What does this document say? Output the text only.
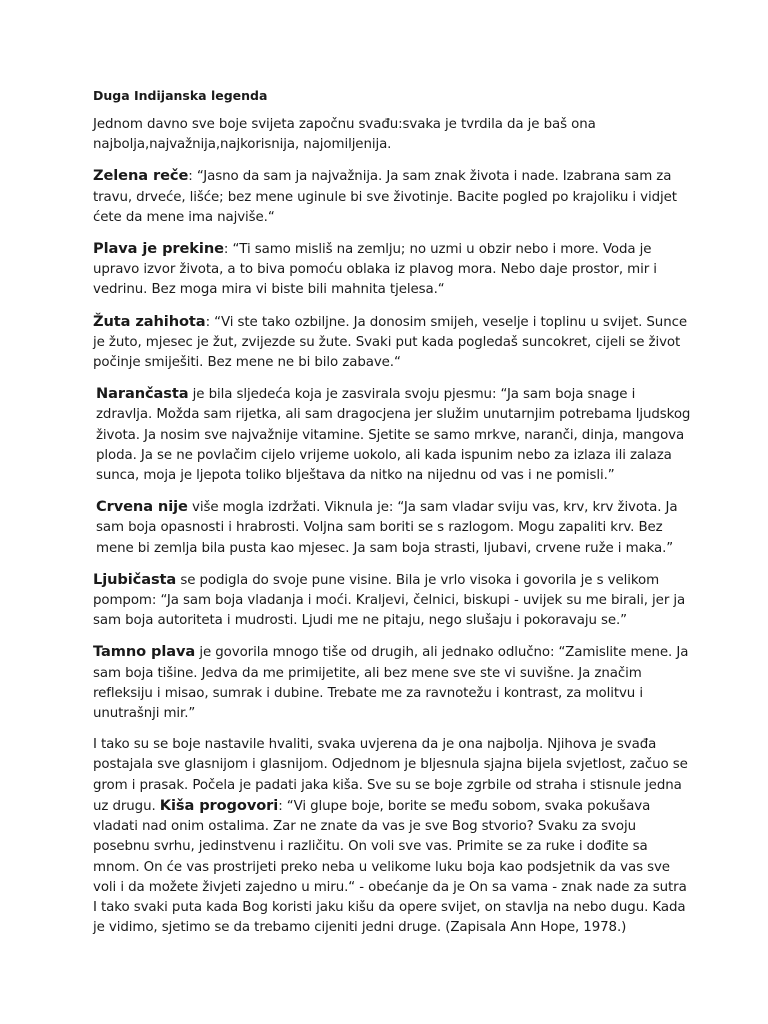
Duga Indijanska legenda

Jednom davno sve boje svijeta započnu svađu:svaka je tvrdila da je baš ona najbolja,najvažnija,najkorisnija, najomiljenija.

Zelena reče: “Jasno da sam ja najvažnija. Ja sam znak života i nade. Izabrana sam za travu, drveće, lišće; bez mene uginule bi sve životinje. Bacite pogled po krajoliku i vidjet ćete da mene ima najviše.“

Plava je prekine: “Ti samo misliš na zemlju; no uzmi u obzir nebo i more. Voda je upravo izvor života, a to biva pomoću oblaka iz plavog mora. Nebo daje prostor, mir i vedrinu. Bez moga mira vi biste bili mahnita tjelesa.“

Žuta zahihota: “Vi ste tako ozbiljne. Ja donosim smijeh, veselje i toplinu u svijet. Sunce je žuto, mjesec je žut, zvijezde su žute. Svaki put kada pogledaš suncokret, cijeli se život počinje smiješiti. Bez mene ne bi bilo zabave.“

Narančasta je bila sljedeća koja je zasvirala svoju pjesmu: “Ja sam boja snage i zdravlja. Možda sam rijetka, ali sam dragocjena jer služim unutarnjim potrebama ljudskog života. Ja nosim sve najvažnije vitamine. Sjetite se samo mrkve, naranči, dinja, mangova ploda. Ja se ne povlačim cijelo vrijeme uokolo, ali kada ispunim nebo za izlaza ili zalaza sunca, moja je ljepota toliko blještava da nitko na nijednu od vas i ne pomisli.”

Crvena nije više mogla izdržati. Viknula je: “Ja sam vladar sviju vas, krv, krv života. Ja sam boja opasnosti i hrabrosti. Voljna sam boriti se s razlogom. Mogu zapaliti krv. Bez mene bi zemlja bila pusta kao mjesec. Ja sam boja strasti, ljubavi, crvene ruže i maka.”

Ljubičasta se podigla do svoje pune visine. Bila je vrlo visoka i govorila je s velikom pompom: “Ja sam boja vladanja i moći. Kraljevi, čelnici, biskupi - uvijek su me birali, jer ja sam boja autoriteta i mudrosti. Ljudi me ne pitaju, nego slušaju i pokoravaju se.”

Tamno plava je govorila mnogo tiše od drugih, ali jednako odlučno: “Zamislite mene. Ja sam boja tišine. Jedva da me primijetite, ali bez mene sve ste vi suvišne. Ja značim refleksiju i misao, sumrak i dubine. Trebate me za ravnotežu i kontrast, za molitvu i unutrašnji mir.”

I tako su se boje nastavile hvaliti, svaka uvjerena da je ona najbolja. Njihova je svađa postajala sve glasnijom i glasnijom. Odjednom je bljesnula sjajna bijela svjetlost, začuo se grom i prasak. Počela je padati jaka kiša. Sve su se boje zgrbile od straha i stisnule jedna uz drugu. Kiša progovori: “Vi glupe boje, borite se među sobom, svaka pokušava vladati nad onim ostalima. Zar ne znate da vas je sve Bog stvorio? Svaku za svoju posebnu svrhu, jedinstvenu i različitu. On voli sve vas. Primite se za ruke i dođite sa mnom. On će vas prostrijeti preko neba u velikome luku boja kao podsjetnik da vas sve voli i da možete živjeti zajedno u miru.“ - obećanje da je On sa vama - znak nade za sutra I tako svaki puta kada Bog koristi jaku kišu da opere svijet, on stavlja na nebo dugu. Kada je vidimo, sjetimo se da trebamo cijeniti jedni druge. (Zapisala Ann Hope, 1978.)
